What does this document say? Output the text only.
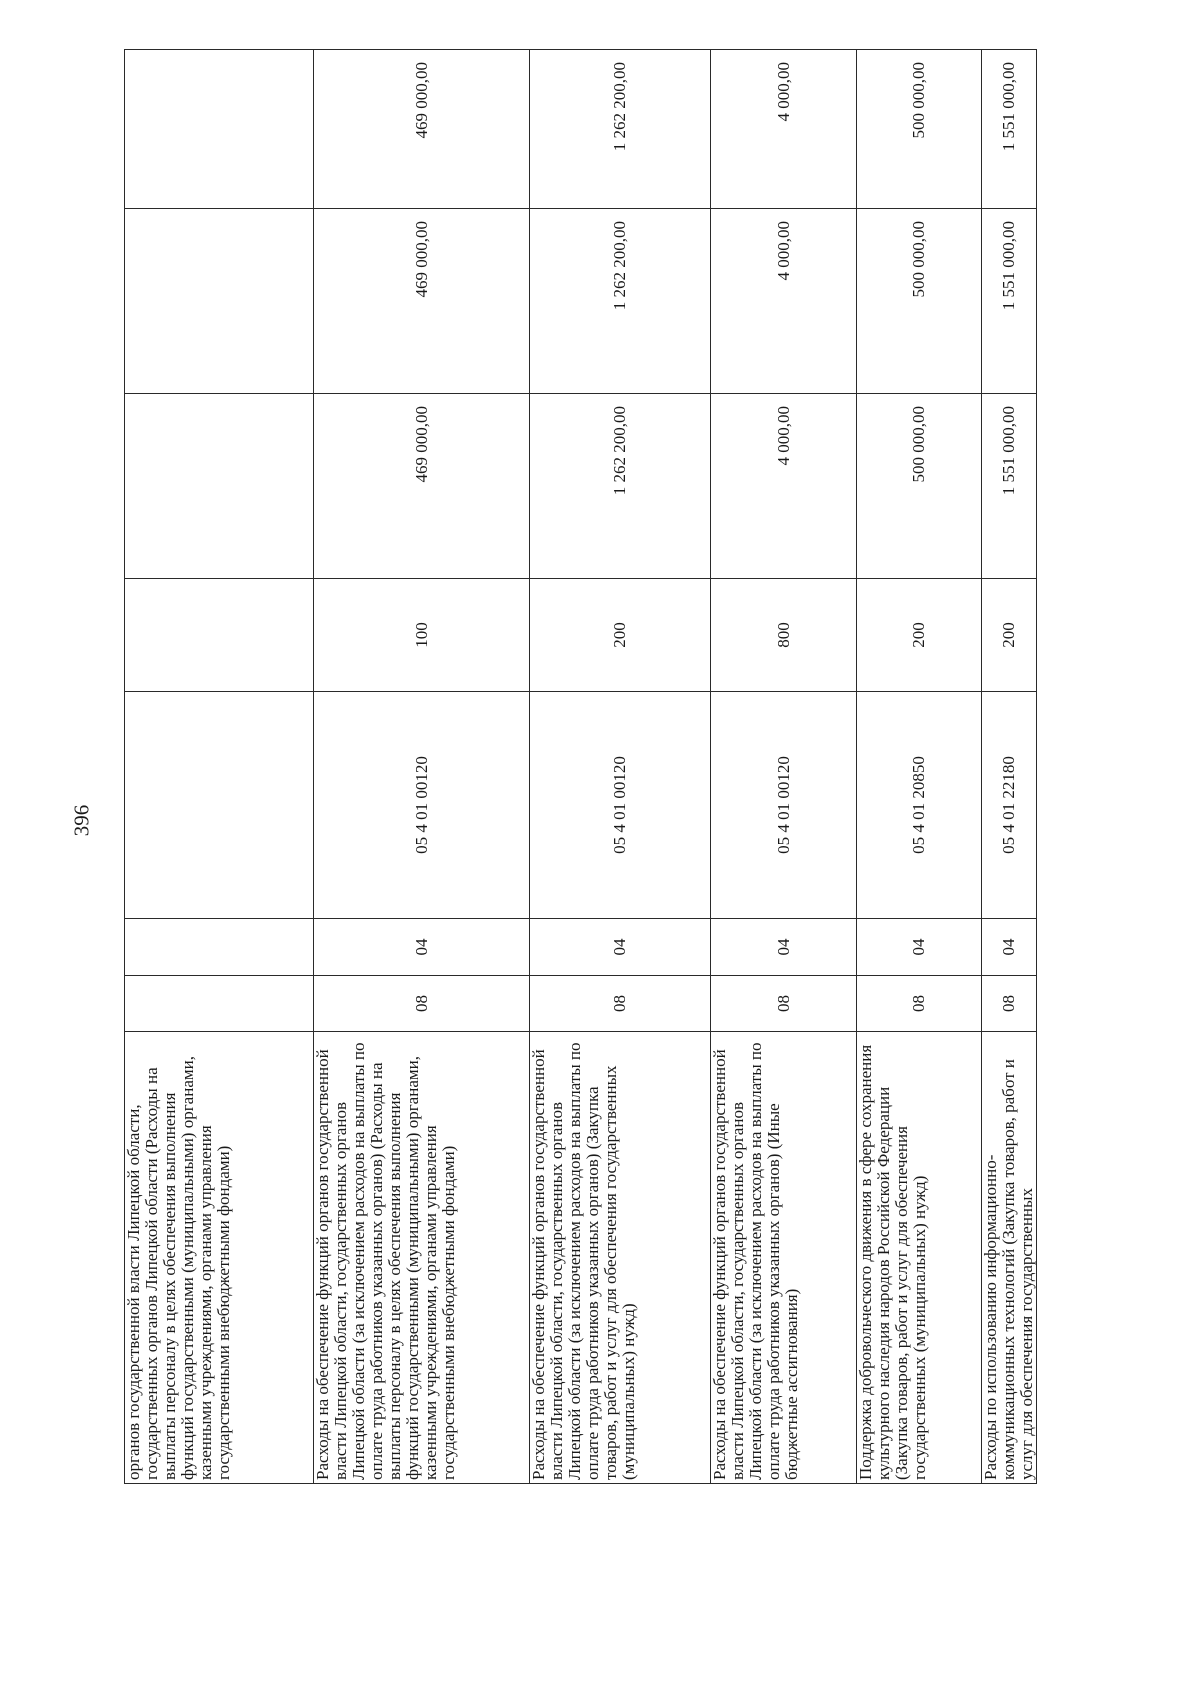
396
органов государственной власти Липецкой области, государственных органов Липецкой области (Расходы на выплаты персоналу в целях обеспечения выполнения функций государственными (муниципальными) органами, казенными учреждениями, органами управления государственными внебюджетными фондами)							
Расходы на обеспечение функций органов государственной власти Липецкой области, государственных органов Липецкой области (за исключением расходов на выплаты по оплате труда работников указанных органов) (Расходы на выплаты персоналу в целях обеспечения выполнения функций государственными (муниципальными) органами, казенными учреждениями, органами управления государственными внебюджетными фондами)	08	04	05 4 01 00120	100	469 000,00	469 000,00	469 000,00
Расходы на обеспечение функций органов государственной власти Липецкой области, государственных органов Липецкой области (за исключением расходов на выплаты по оплате труда работников указанных органов) (Закупка товаров, работ и услуг для обеспечения государственных (муниципальных) нужд)	08	04	05 4 01 00120	200	1 262 200,00	1 262 200,00	1 262 200,00
Расходы на обеспечение функций органов государственной власти Липецкой области, государственных органов Липецкой области (за исключением расходов на выплаты по оплате труда работников указанных органов) (Иные бюджетные ассигнования)	08	04	05 4 01 00120	800	4 000,00	4 000,00	4 000,00
Поддержка добровольческого движения в сфере сохранения культурного наследия народов Российской Федерации (Закупка товаров, работ и услуг для обеспечения государственных (муниципальных) нужд)	08	04	05 4 01 20850	200	500 000,00	500 000,00	500 000,00
Расходы по использованию информационно-коммуникационных технологий (Закупка товаров, работ и услуг для обеспечения государственных	08	04	05 4 01 22180	200	1 551 000,00	1 551 000,00	1 551 000,00
